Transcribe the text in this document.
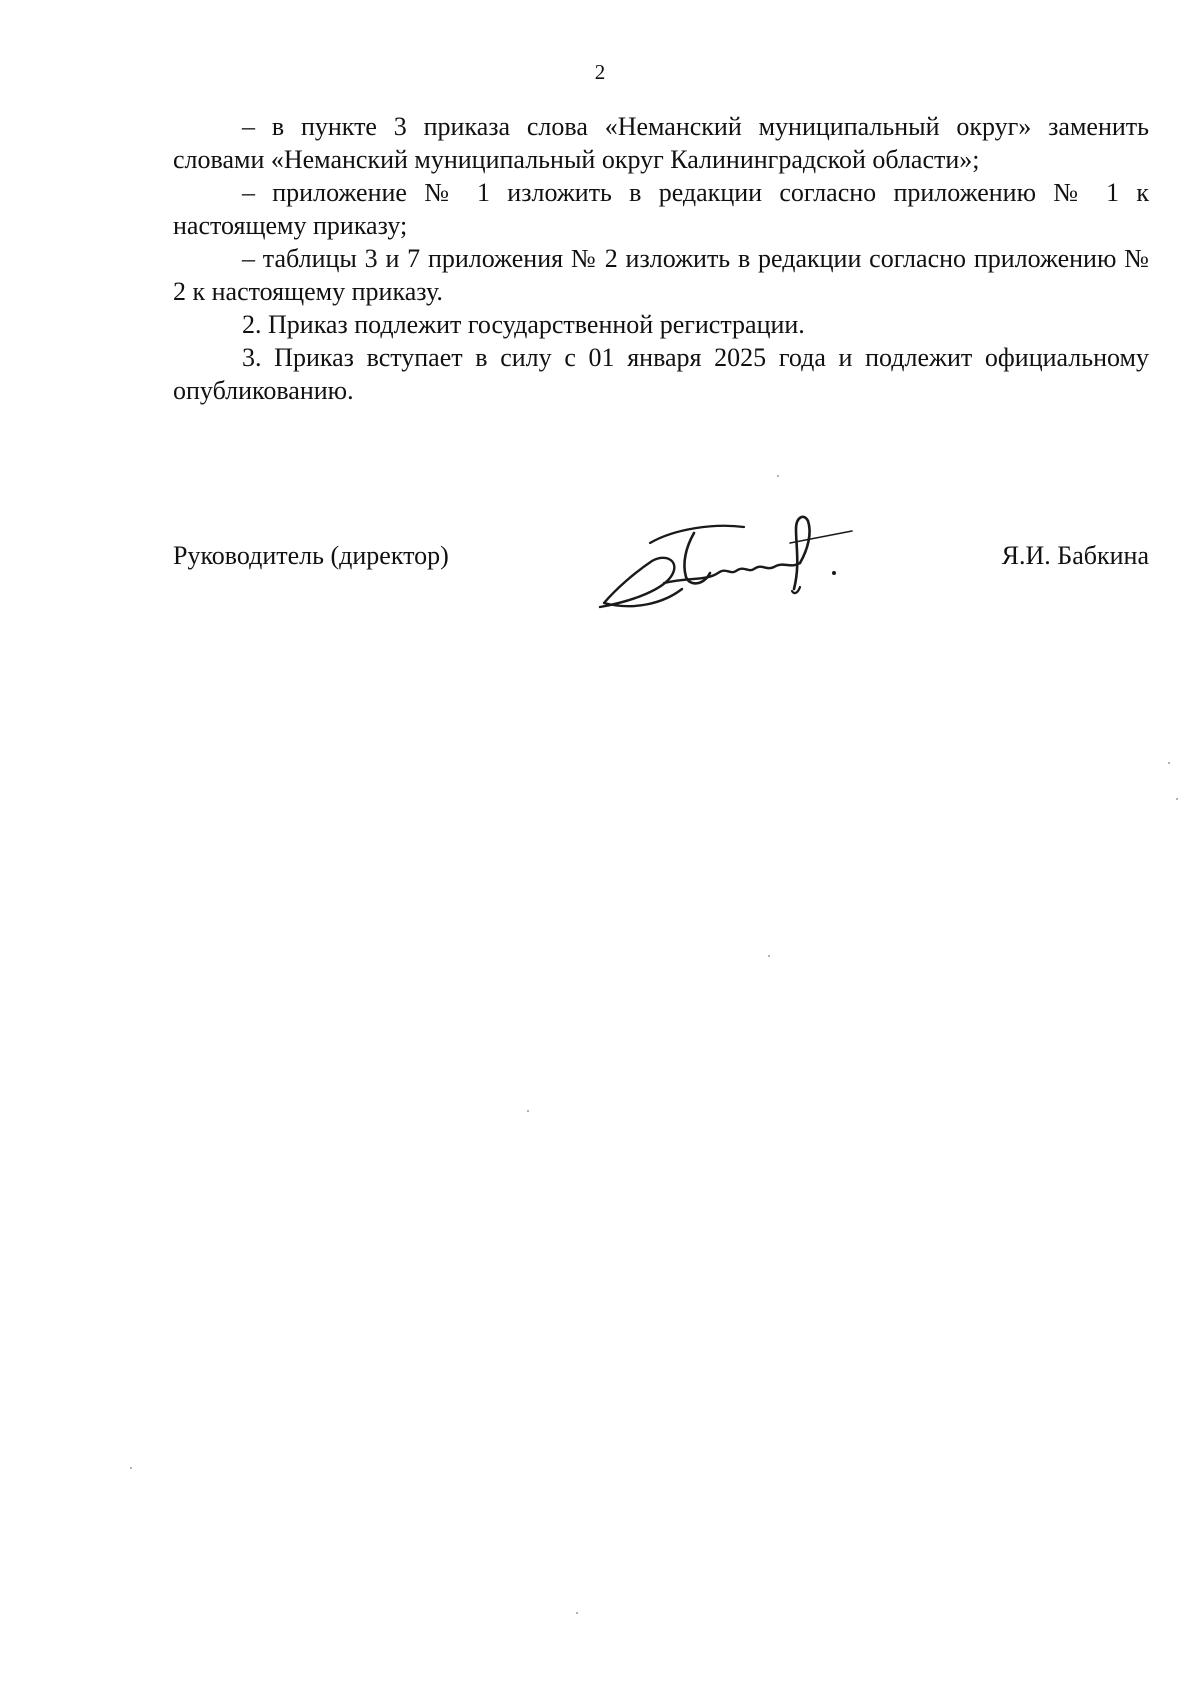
2

– в пункте 3 приказа слова «Неманский муниципальный округ» заменить словами «Неманский муниципальный округ Калининградской области»;

– приложение № 1 изложить в редакции согласно приложению № 1 к настоящему приказу;

– таблицы 3 и 7 приложения № 2 изложить в редакции согласно приложению № 2 к настоящему приказу.

2. Приказ подлежит государственной регистрации.

3. Приказ вступает в силу с 01 января 2025 года и подлежит официальному опубликованию.

Руководитель (директор)	Я.И. Бабкина
